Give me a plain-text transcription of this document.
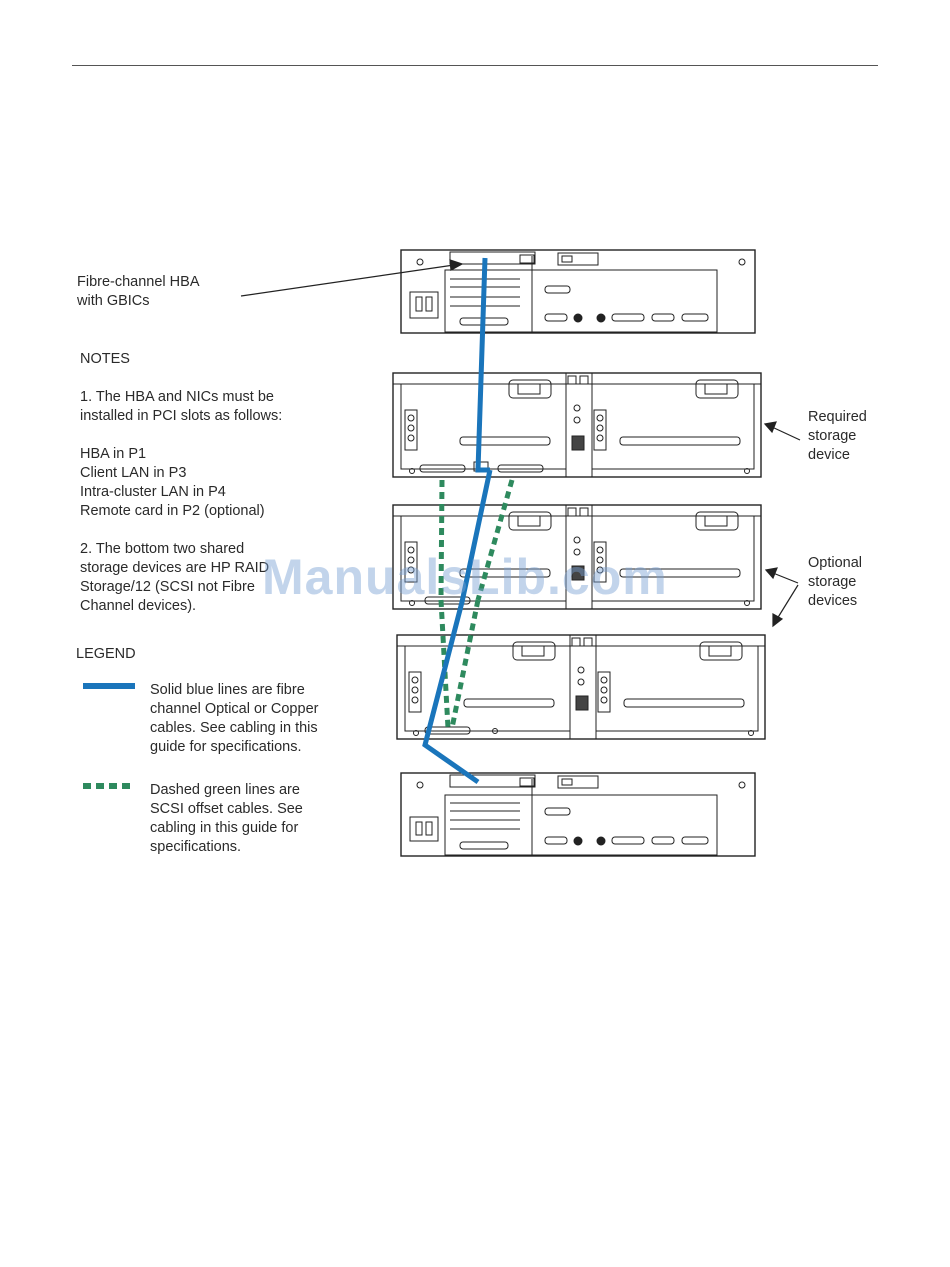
Fibre-channel HBA
with GBICs
NOTES
1. The HBA and NICs must be
installed in PCI slots as follows:
HBA in P1
Client LAN in P3
Intra-cluster LAN in P4
Remote card in P2 (optional)
2. The bottom two shared
storage devices are HP RAID
Storage/12 (SCSI not Fibre
Channel devices).
LEGEND
Solid blue lines are fibre
channel Optical or Copper
cables. See cabling in this
guide for specifications.
Dashed green lines are
SCSI offset cables. See
cabling in this guide for
specifications.
Required
storage
device
Optional
storage
devices
ManualsLib.com
